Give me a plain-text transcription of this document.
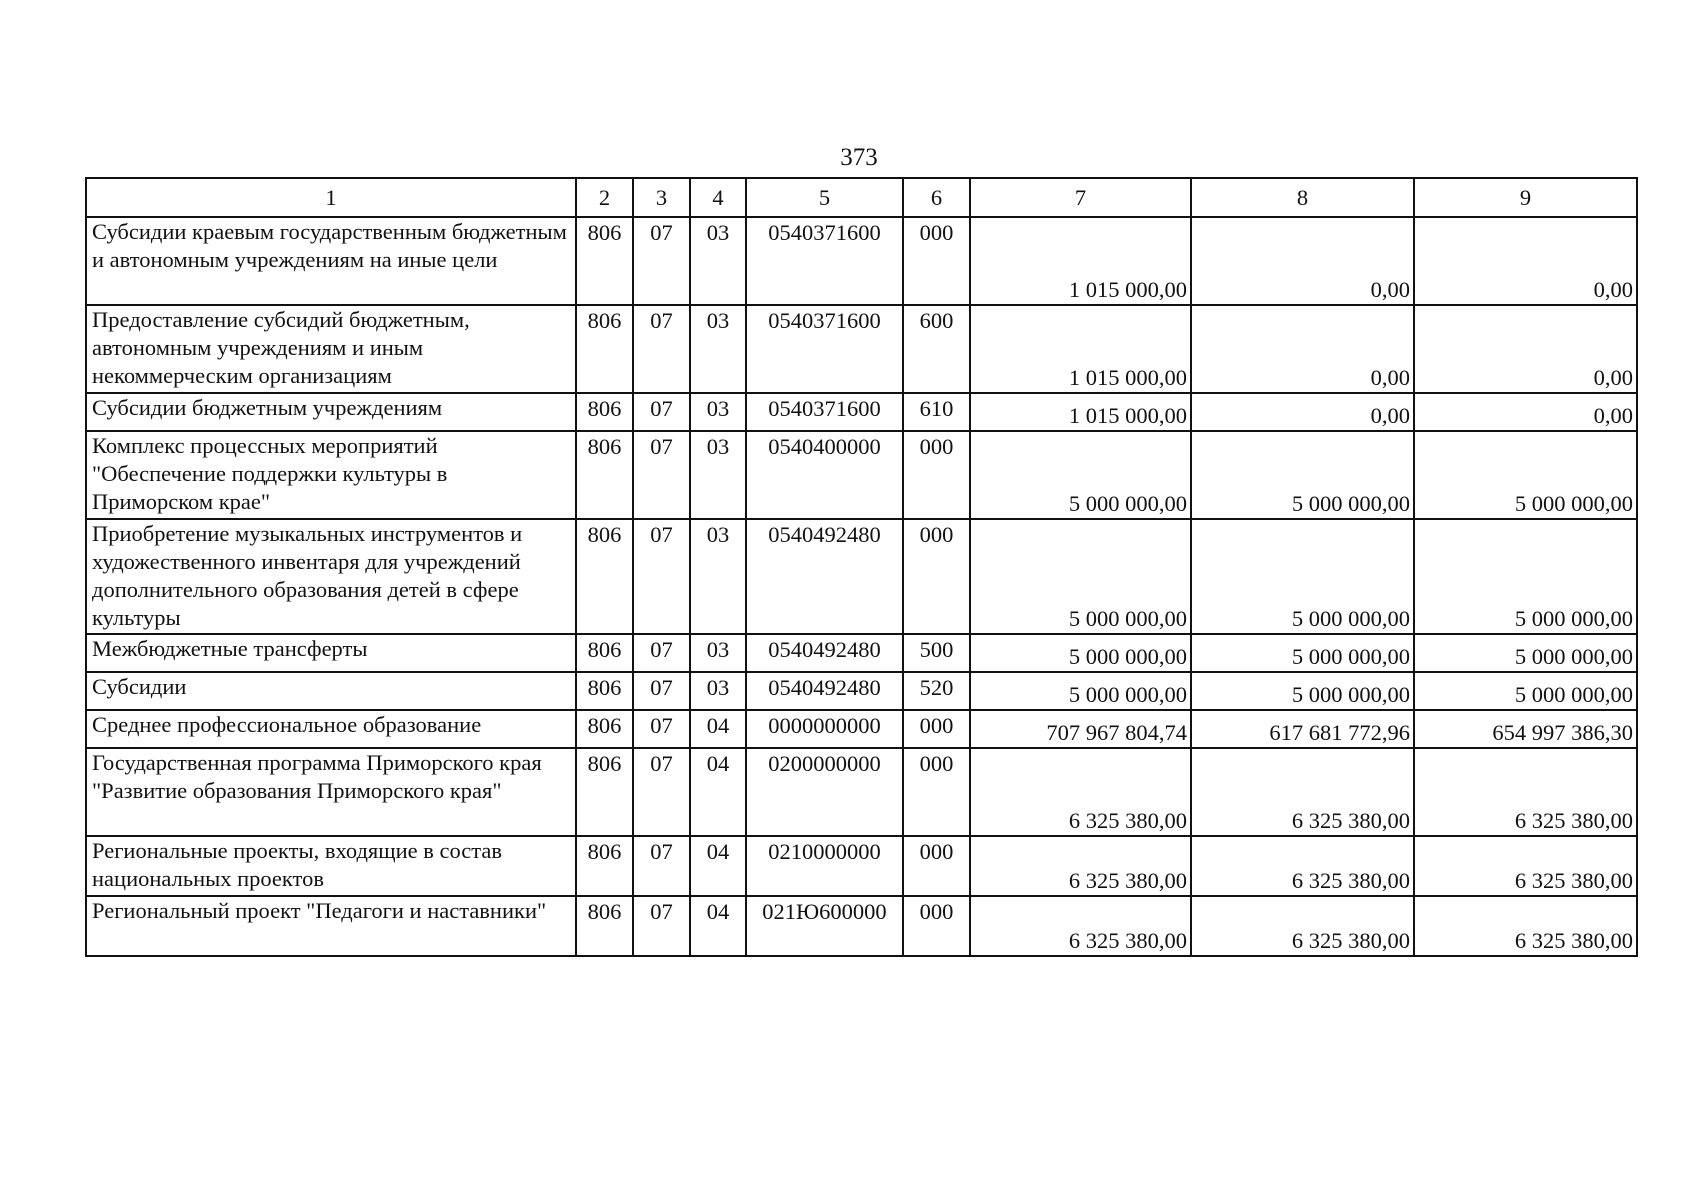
373
1	2	3	4	5	6	7	8	9
Субсидии краевым государственным бюджетным и автономным учреждениям на иные цели	806	07	03	0540371600	000	1 015 000,00	0,00	0,00
Предоставление субсидий бюджетным, автономным учреждениям и иным некоммерческим организациям	806	07	03	0540371600	600	1 015 000,00	0,00	0,00
Субсидии бюджетным учреждениям	806	07	03	0540371600	610	1 015 000,00	0,00	0,00
Комплекс процессных мероприятий "Обеспечение поддержки культуры в Приморском крае"	806	07	03	0540400000	000	5 000 000,00	5 000 000,00	5 000 000,00
Приобретение музыкальных инструментов и художественного инвентаря для учреждений дополнительного образования детей в сфере культуры	806	07	03	0540492480	000	5 000 000,00	5 000 000,00	5 000 000,00
Межбюджетные трансферты	806	07	03	0540492480	500	5 000 000,00	5 000 000,00	5 000 000,00
Субсидии	806	07	03	0540492480	520	5 000 000,00	5 000 000,00	5 000 000,00
Среднее профессиональное образование	806	07	04	0000000000	000	707 967 804,74	617 681 772,96	654 997 386,30
Государственная программа Приморского края "Развитие образования Приморского края"	806	07	04	0200000000	000	6 325 380,00	6 325 380,00	6 325 380,00
Региональные проекты, входящие в состав национальных проектов	806	07	04	0210000000	000	6 325 380,00	6 325 380,00	6 325 380,00
Региональный проект "Педагоги и наставники"	806	07	04	021Ю600000	000	6 325 380,00	6 325 380,00	6 325 380,00
